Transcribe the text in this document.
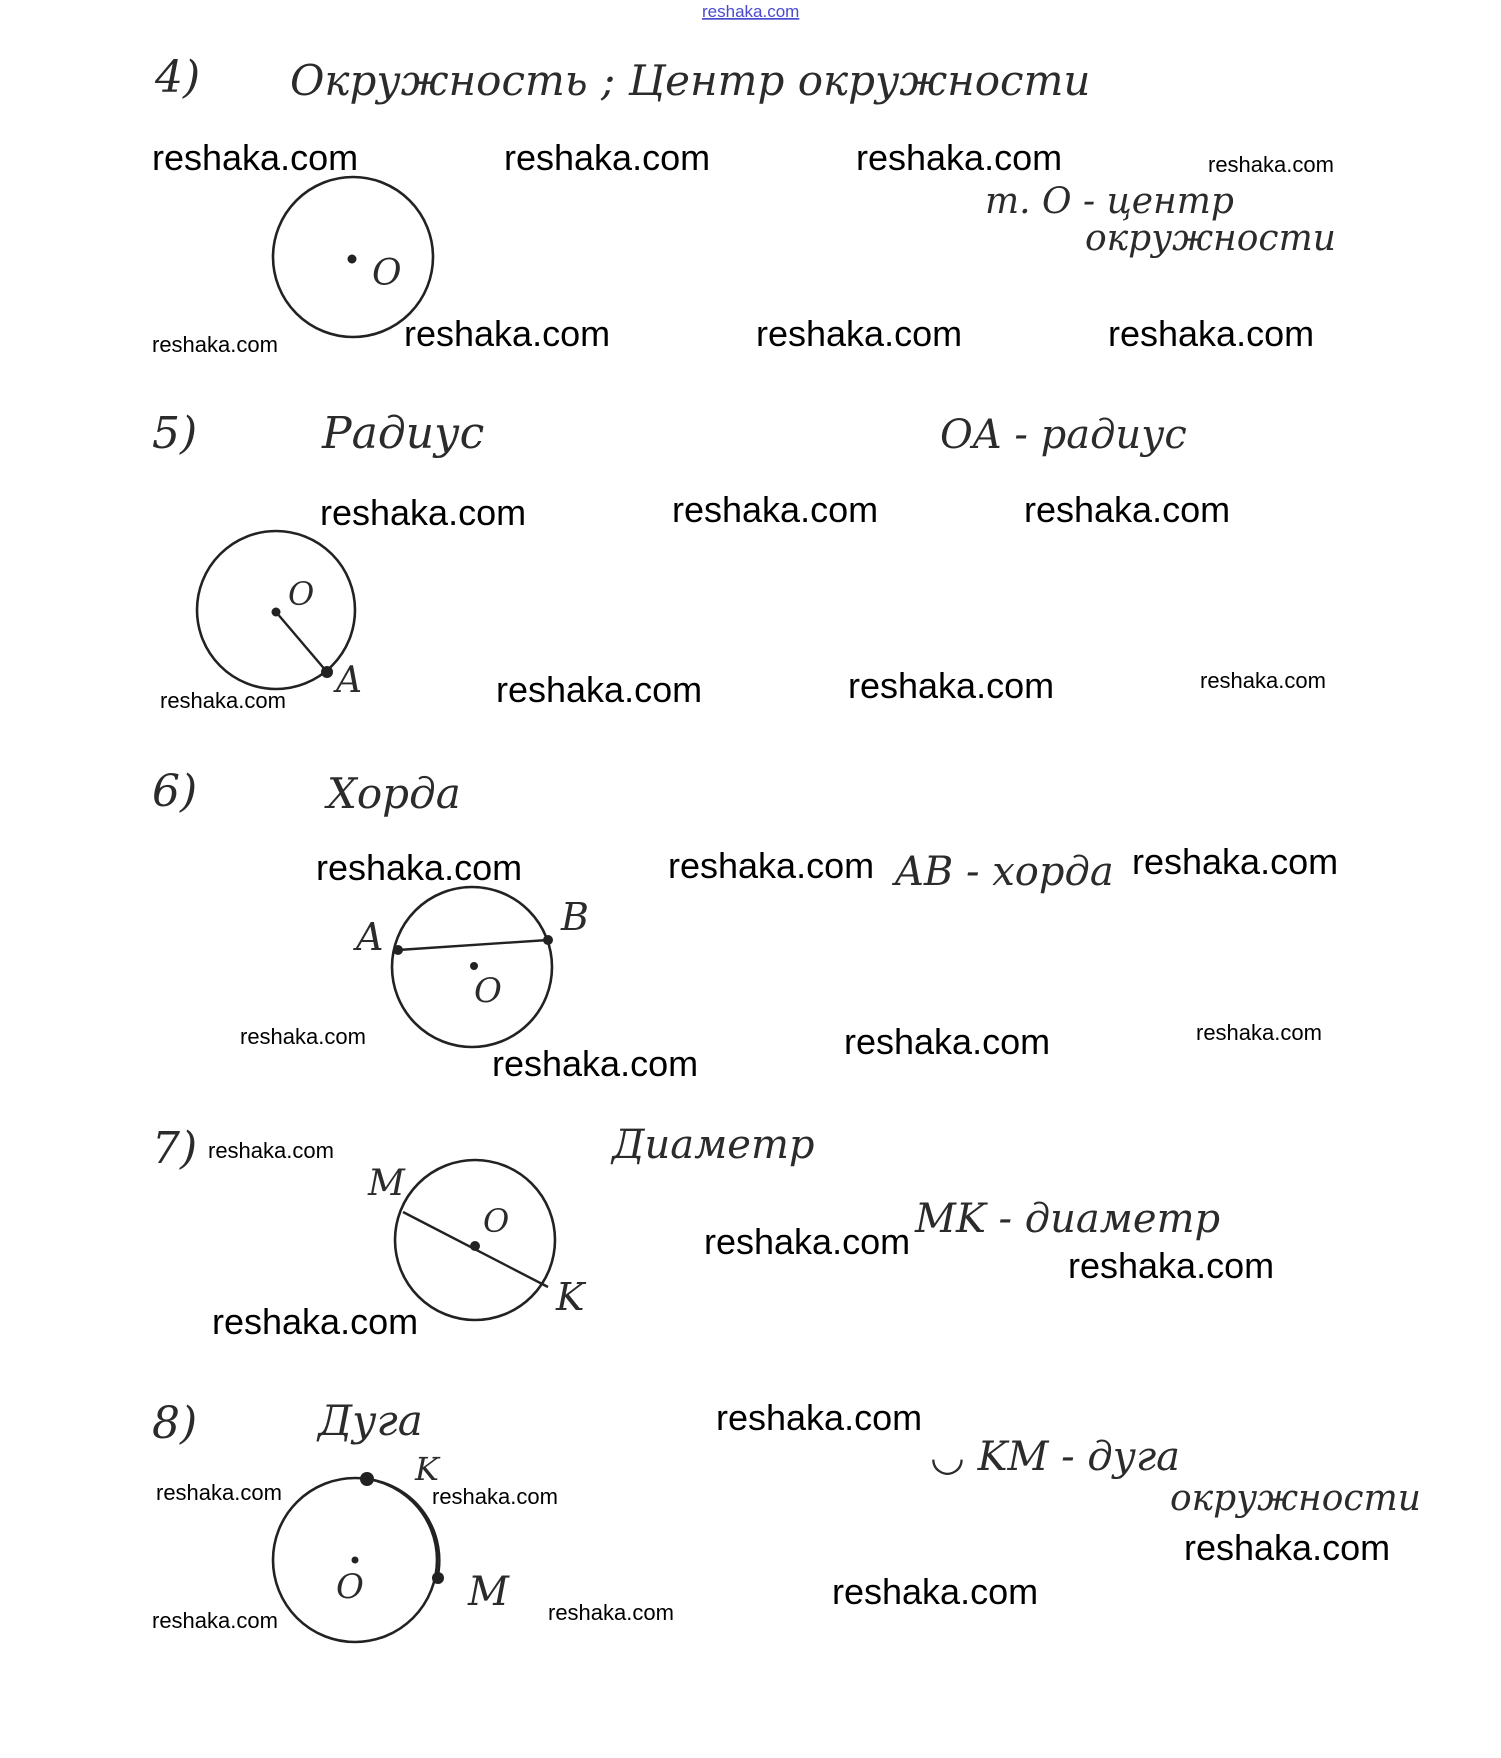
reshaka.com
4) Окружность ; Центр окружности
O
т. О - центр
окружности
5)	Радиус	OA - радиус
O
A
6)	Хорда
AB - хорда
A	B
O
7)	Диаметр
MK - диаметр
M
O
K
8)	Дуга
◡ KM - дуга
окружности
K
O	M
reshaka.com	reshaka.com	reshaka.com	reshaka.com
reshaka.com	reshaka.com	reshaka.com	reshaka.com
reshaka.com	reshaka.com	reshaka.com
reshaka.com	reshaka.com	reshaka.com	reshaka.com
reshaka.com	reshaka.com	reshaka.com
reshaka.com
reshaka.com
reshaka.com	reshaka.com
reshaka.com
reshaka.com
reshaka.com
reshaka.com
reshaka.com
reshaka.com	reshaka.com
reshaka.com
reshaka.com	reshaka.com
reshaka.com
